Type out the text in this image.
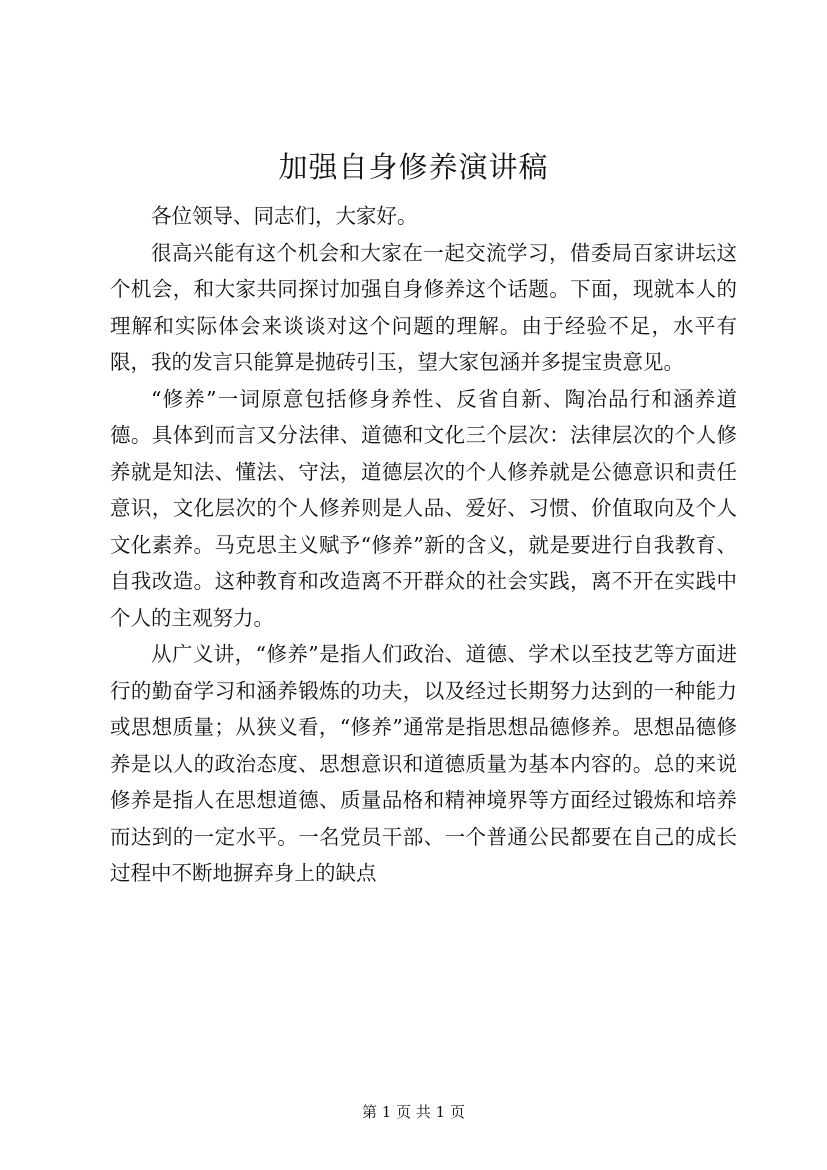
加强自身修养演讲稿

各位领导、同志们，大家好。

很高兴能有这个机会和大家在一起交流学习，借委局百家讲坛这个机会，和大家共同探讨加强自身修养这个话题。下面，现就本人的理解和实际体会来谈谈对这个问题的理解。由于经验不足，水平有限，我的发言只能算是抛砖引玉，望大家包涵并多提宝贵意见。

“修养”一词原意包括修身养性、反省自新、陶冶品行和涵养道德。具体到而言又分法律、道德和文化三个层次：法律层次的个人修养就是知法、懂法、守法，道德层次的个人修养就是公德意识和责任意识，文化层次的个人修养则是人品、爱好、习惯、价值取向及个人文化素养。马克思主义赋予“修养”新的含义，就是要进行自我教育、自我改造。这种教育和改造离不开群众的社会实践，离不开在实践中个人的主观努力。

从广义讲，“修养”是指人们政治、道德、学术以至技艺等方面进行的勤奋学习和涵养锻炼的功夫，以及经过长期努力达到的一种能力或思想质量；从狭义看，“修养”通常是指思想品德修养。思想品德修养是以人的政治态度、思想意识和道德质量为基本内容的。总的来说修养是指人在思想道德、质量品格和精神境界等方面经过锻炼和培养而达到的一定水平。一名党员干部、一个普通公民都要在自己的成长过程中不断地摒弃身上的缺点

第 1 页 共 1 页
